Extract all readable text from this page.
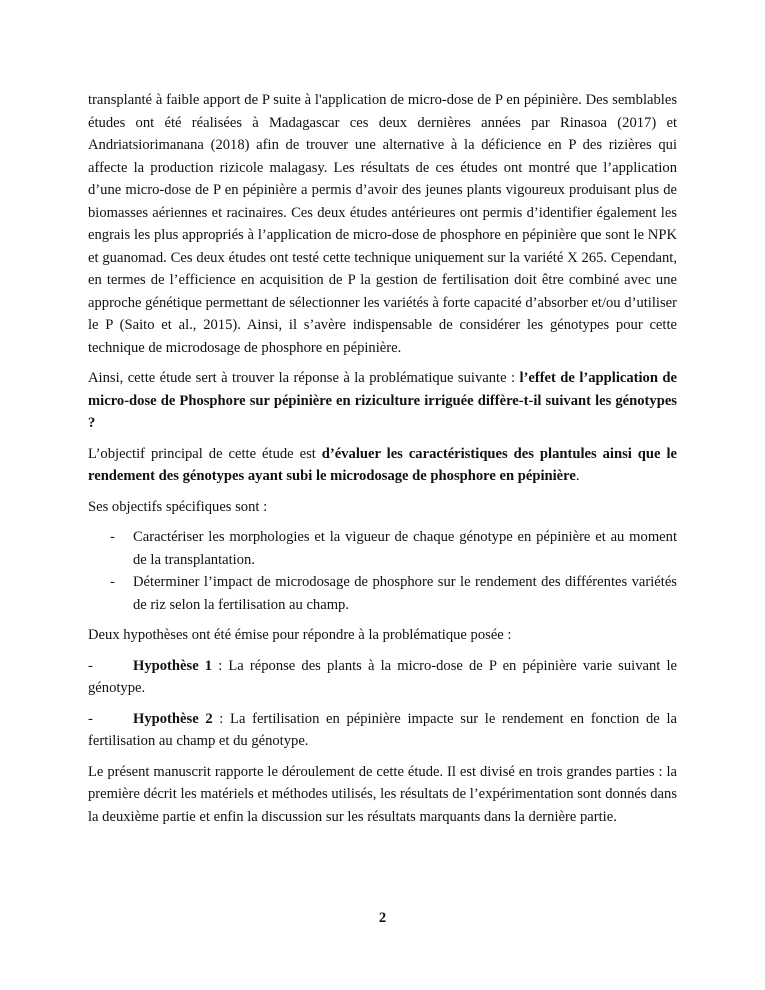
transplanté à faible apport de P suite à l'application de micro-dose de P en pépinière. Des semblables études ont été réalisées à Madagascar ces deux dernières années par Rinasoa (2017) et Andriatsiorimanana (2018) afin de trouver une alternative à la déficience en P des rizières qui affecte la production rizicole malagasy. Les résultats de ces études ont montré que l’application d’une micro-dose de P en pépinière a permis d’avoir des jeunes plants vigoureux produisant plus de biomasses aériennes et racinaires. Ces deux études antérieures ont permis d’identifier également les engrais les plus appropriés à l’application de micro-dose de phosphore en pépinière que sont le NPK et guanomad. Ces deux études ont testé cette technique uniquement sur la variété X 265. Cependant, en termes de l’efficience en acquisition de P la gestion de fertilisation doit être combiné avec une approche génétique permettant de sélectionner les variétés à forte capacité d’absorber et/ou d’utiliser le P (Saito et al., 2015). Ainsi, il s’avère indispensable de considérer les génotypes pour cette technique de microdosage de phosphore en pépinière.

Ainsi, cette étude sert à trouver la réponse à la problématique suivante : l’effet de l’application de micro-dose de Phosphore sur pépinière en riziculture irriguée diffère-t-il suivant les génotypes ?

L’objectif principal de cette étude est d’évaluer les caractéristiques des plantules ainsi que le rendement des génotypes ayant subi le microdosage de phosphore en pépinière.

Ses objectifs spécifiques sont :

- Caractériser les morphologies et la vigueur de chaque génotype en pépinière et au moment de la transplantation.
- Déterminer l’impact de microdosage de phosphore sur le rendement des différentes variétés de riz selon la fertilisation au champ.

Deux hypothèses ont été émise pour répondre à la problématique posée :

-	Hypothèse 1 : La réponse des plants à la micro-dose de P en pépinière varie suivant le génotype.

-	Hypothèse 2 : La fertilisation en pépinière impacte sur le rendement en fonction de la fertilisation au champ et du génotype.

Le présent manuscrit rapporte le déroulement de cette étude. Il est divisé en trois grandes parties : la première décrit les matériels et méthodes utilisés, les résultats de l’expérimentation sont donnés dans la deuxième partie et enfin la discussion sur les résultats marquants dans la dernière partie.

2
